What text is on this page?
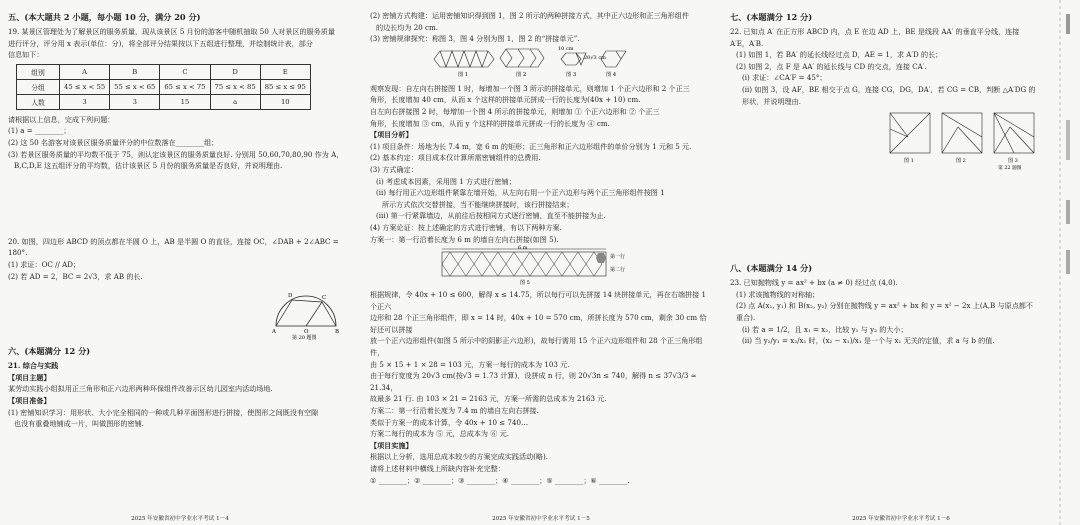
五、(本大题共 2 小题，每小题 10 分，满分 20 分)

19. 某景区管理处为了解景区的服务质量，现从该景区 5 月份的游客中随机抽取 50 人对景区的服务质量

进行评分，评分用 x 表示(单位：分)，将全部评分结果按以下五组进行整理，并绘制统计表，部分

信息如下：

组别	A	B	C	D	E
分组	45 ≤ x < 55	55 ≤ x < 65	65 ≤ x < 75	75 ≤ x < 85	85 ≤ x ≤ 95
人数	3	3	15	a	10

请根据以上信息，完成下列问题：

(1) a = ________；

(2) 这 50 名游客对该景区服务质量评分的中位数落在________组；

(3) 若景区服务质量的平均数不低于 75，则认定该景区的服务质量良好. 分别用 50,60,70,80,90 作为 A，

B,C,D,E 这五组评分的平均数，估计该景区 5 月份的服务质量是否良好，并说明理由.

20. 如图，四边形 ABCD 的顶点都在半圆 O 上，AB 是半圆 O 的直径，连接 OC，∠DAB + 2∠ABC = 180°.

(1) 求证：OC // AD；

(2) 若 AD = 2，BC = 2√3，求 AB 的长.

D	C
A	O	B
第 20 题图
六、(本题满分 12 分)

21. 综合与实践

【项目主题】

某劳动实践小组拟用正三角形和正六边形两种环保组件改善示区幼儿园室内活动场地.

【项目准备】

(1) 密铺知识学习：用形状、大小完全相同的一种或几种平面图形进行拼接，使图形之间既没有空隙

也没有重叠地铺成一片，叫做图形的密铺.

2025 年安徽省初中学业水平考试 1－4

(2) 密铺方式构建：运用密铺知识得到图 1，图 2 所示的两种拼接方式，其中正六边形和正三角形组件

的边长均为 20 cm.

(3) 密铺规律探究：称图 3，图 4 分别为图 1，图 2 的“拼接单元”.

10 cm
20√3 cm
图 1	图 2	图 3	图 4

观察发现：自左向右拼接图 1 时，每增加一个图 3 所示的拼接单元，则增加 1 个正六边形和 2 个正三

角形，长度增加 40 cm，从而 x 个这样的拼接单元拼成一行的长度为(40x + 10) cm.

自左向右拼接图 2 时，每增加一个图 4 所示的拼接单元，则增加 ① 个正六边形和 ② 个正三

角形，长度增加 ③ cm，从而 y 个这样的拼接单元拼成一行的长度为 ④ cm.

【项目分析】

(1) 项目条件：场地为长 7.4 m，宽 6 m 的矩形；正三角形和正六边形组件的单价分别为 1 元和 5 元.

(2) 基本约定：项目成本仅计算所需密铺组件的总费用.

(3) 方式确定：

(i) 考虑成本因素，采用图 1 方式进行密铺；

(ii) 每行用正六边形组件紧靠左墙开始，从左向右用一个正六边形与两个正三角形组件按图 1

所示方式依次交替拼接，当不能继续拼接时，该行拼接结束；

(iii) 第一行紧靠墙边，从前往后按相同方式逐行密铺，直至不能拼接为止.

(4) 方案论证：按上述确定的方式进行密铺，有以下两种方案.

方案一：第一行沿着长度为 6 m 的墙自左向右拼接(如图 5).

6 m
第一行
第二行
图 5

根据规律，令 40x + 10 ≤ 600，解得 x ≤ 14.75，所以每行可以先拼接 14 块拼接单元，再在右端拼接 1 个正六

边形和 28 个正三角形组件，即 x = 14 时，40x + 10 = 570 cm，所拼长度为 570 cm，剩余 30 cm 恰好还可以拼接

放一个正六边形组件(如图 5 所示中的阴影正六边形)，故每行需用 15 个正六边形组件和 28 个正三角形组件，

由 5 × 15 + 1 × 28 = 103 元，方案一每行的成本为 103 元.

由于每行宽度为 20√3 cm(按√3 = 1.73 计算)，设拼成 n 行，则 20√3n ≤ 740，解得 n ≤ 37√3/3 ≈ 21.34，

故最多 21 行. 由 103 × 21 = 2163 元，方案一所需的总成本为 2163 元.

方案二：第一行沿着长度为 7.4 m 的墙自左向右拼接.

类似于方案一的成本计算，令 40x + 10 ≤ 740…

方案二每行的成本为 ⑤ 元，总成本为 ⑥ 元.

【项目实施】

根据以上分析，选用总成本较少的方案完成实践活动(略).

请将上述材料中横线上所缺内容补充完整：

① ________；② ________；③ ________；④ ________；⑤ ________；⑥ ________.

2025 年安徽省初中学业水平考试 1－5
七、(本题满分 12 分)

22. 已知点 A′ 在正方形 ABCD 内，点 E 在边 AD 上，BE 是线段 AA′ 的垂直平分线，连接 A′E，A′B.

(1) 如图 1，若 BA′ 的延长线经过点 D，AE = 1，求 A′D 的长；

(2) 如图 2，点 F 是 AA′ 的延长线与 CD 的交点，连接 CA′.

(i) 求证：∠CA′F = 45°；

(ii) 如图 3，设 AF，BE 相交于点 G，连接 CG，DG，DA′，若 CG = CB，判断 △A′DG 的形状，并说明理由.

图 1	图 2	图 3
第 22 题图
八、(本题满分 14 分)

23. 已知抛物线 y = ax² + bx (a ≠ 0) 经过点 (4,0).

(1) 求该抛物线的对称轴；

(2) 点 A(x₁, y₁) 和 B(x₂, y₂) 分别在抛物线 y = ax² + bx 和 y = x² − 2x 上(A,B 与原点都不重合).

(i) 若 a = 1/2，且 x₁ = x₂，比较 y₁ 与 y₂ 的大小；

(ii) 当 y₂/y₁ = x₂/x₁ 时，(x₂ − x₁)/x₁ 是一个与 x₁ 无关的定值，求 a 与 b 的值.

2025 年安徽省初中学业水平考试 1－6
